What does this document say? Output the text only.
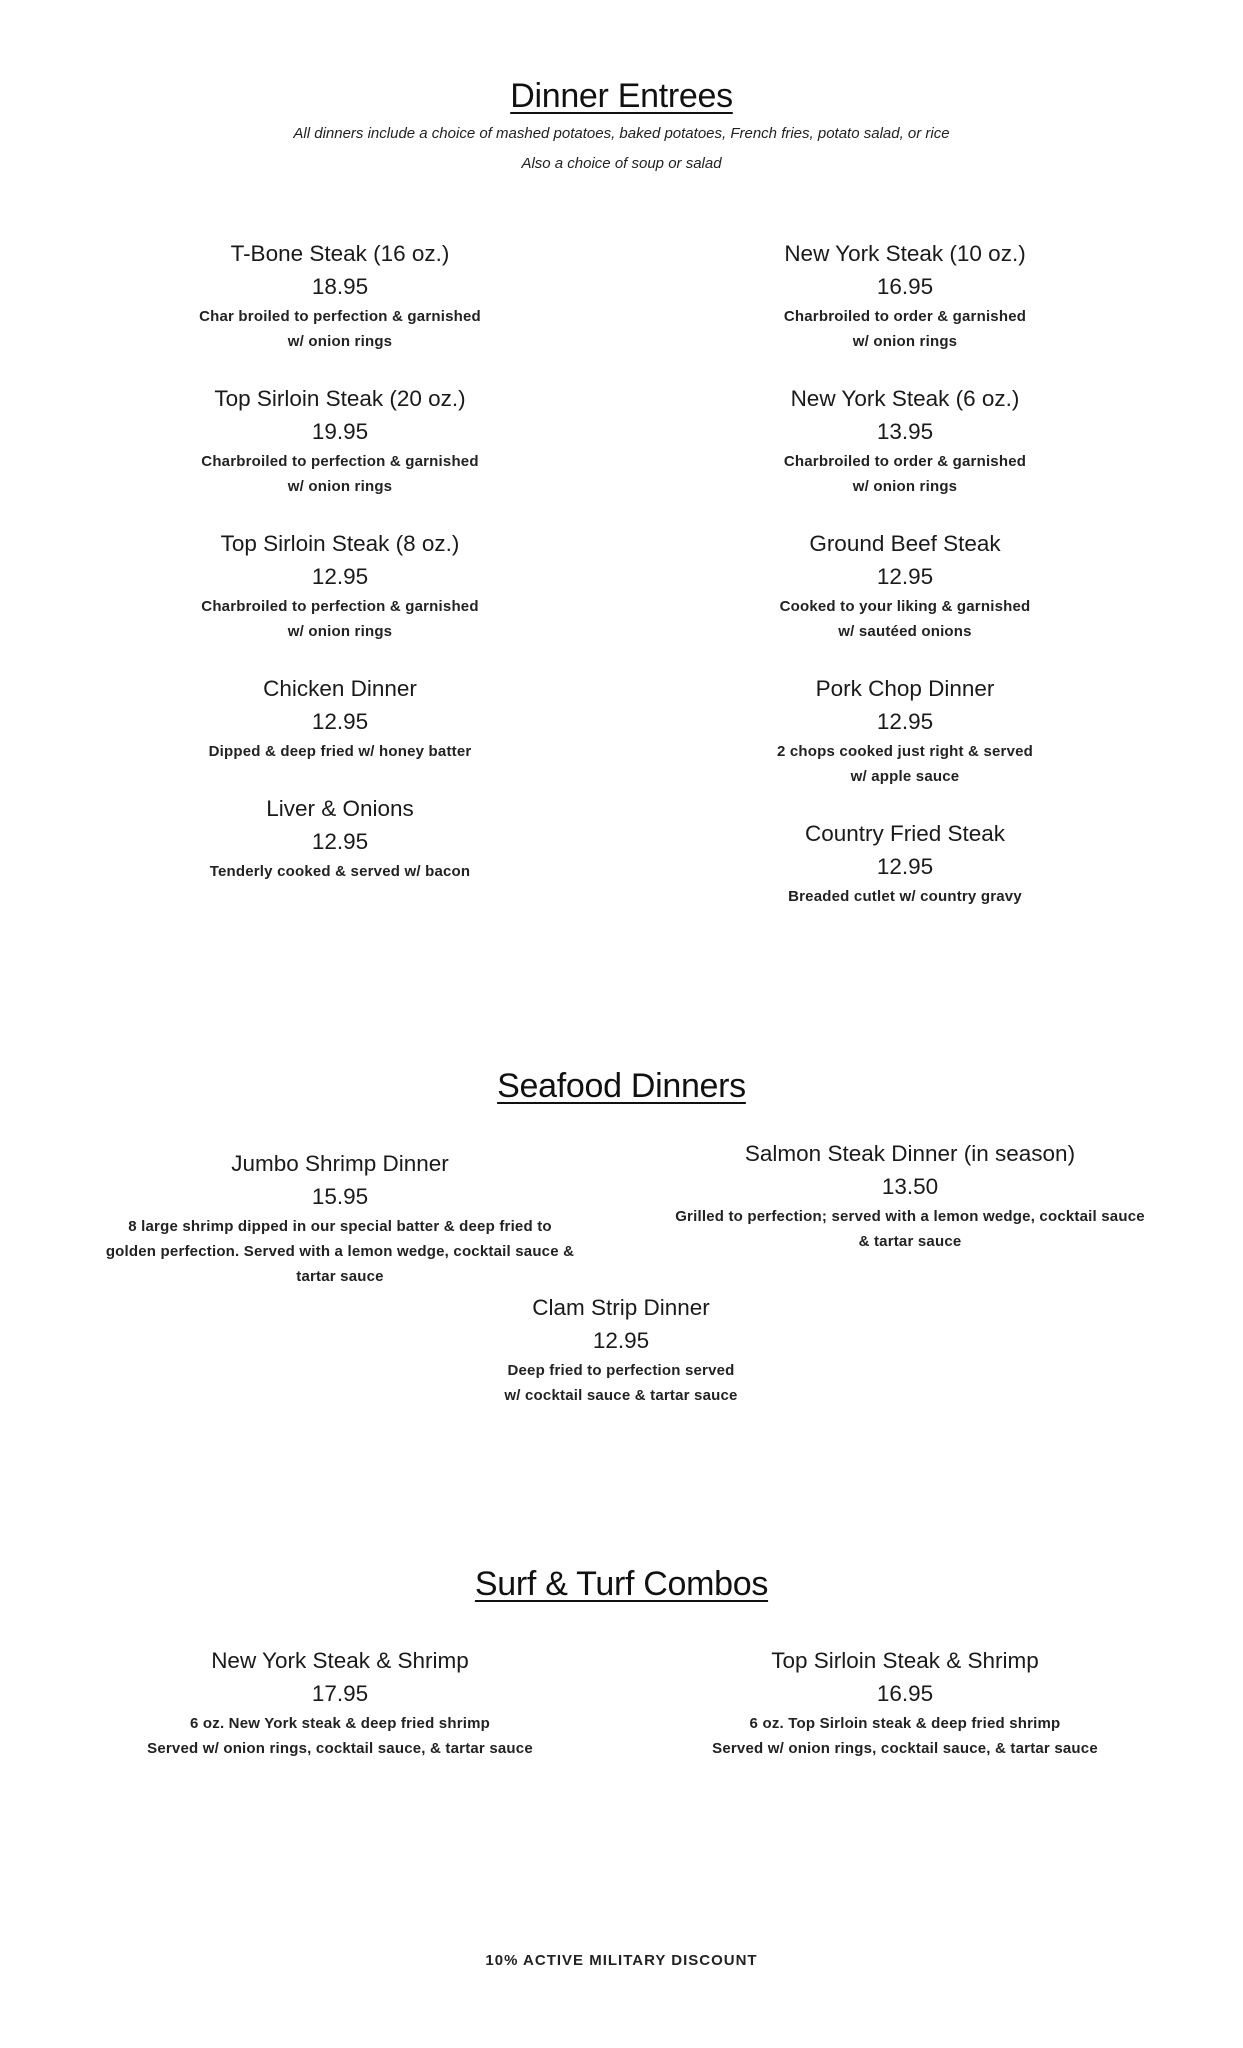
Dinner Entrees
All dinners include a choice of mashed potatoes, baked potatoes, French fries, potato salad, or rice
Also a choice of soup or salad
T-Bone Steak (16 oz.)
18.95
Char broiled to perfection & garnished
w/ onion rings
Top Sirloin Steak (20 oz.)
19.95
Charbroiled to perfection & garnished
w/ onion rings
Top Sirloin Steak (8 oz.)
12.95
Charbroiled to perfection & garnished
w/ onion rings
Chicken Dinner
12.95
Dipped & deep fried w/ honey batter
Liver & Onions
12.95
Tenderly cooked & served w/ bacon
New York Steak (10 oz.)
16.95
Charbroiled to order & garnished
w/ onion rings
New York Steak (6 oz.)
13.95
Charbroiled to order & garnished
w/ onion rings
Ground Beef Steak
12.95
Cooked to your liking & garnished
w/ sautéed onions
Pork Chop Dinner
12.95
2 chops cooked just right & served
w/ apple sauce
Country Fried Steak
12.95
Breaded cutlet w/ country gravy
Seafood Dinners
Jumbo Shrimp Dinner
15.95
8 large shrimp dipped in our special batter & deep fried to
golden perfection. Served with a lemon wedge, cocktail sauce &
tartar sauce
Salmon Steak Dinner (in season)
13.50
Grilled to perfection; served with a lemon wedge, cocktail sauce
& tartar sauce
Clam Strip Dinner
12.95
Deep fried to perfection served
w/ cocktail sauce & tartar sauce
Surf & Turf Combos
New York Steak & Shrimp
17.95
6 oz. New York steak & deep fried shrimp
Served w/ onion rings, cocktail sauce, & tartar sauce
Top Sirloin Steak & Shrimp
16.95
6 oz. Top Sirloin steak & deep fried shrimp
Served w/ onion rings, cocktail sauce, & tartar sauce
10% ACTIVE MILITARY DISCOUNT
